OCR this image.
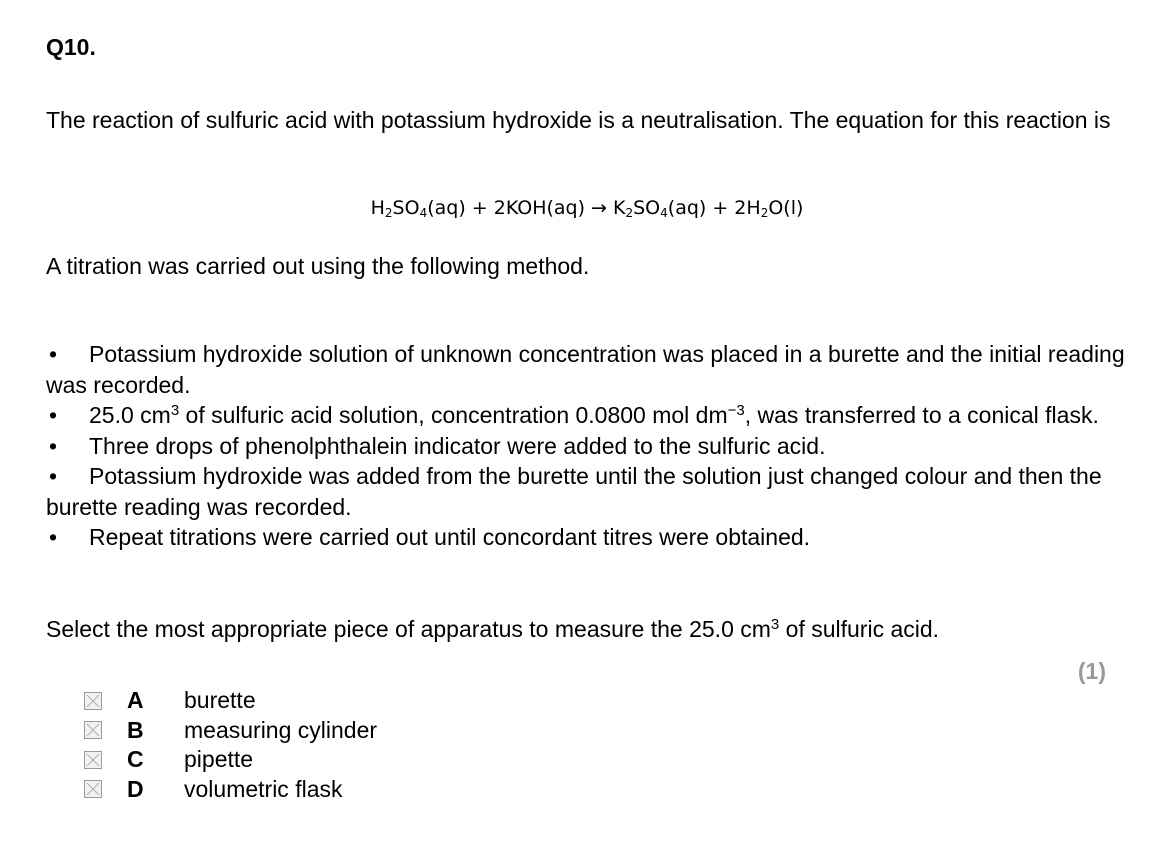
Q10.
The reaction of sulfuric acid with potassium hydroxide is a neutralisation. The equation for this reaction is
$H_2SO_4(aq) + 2KOH(aq) \to K_2SO_4(aq) + 2H_2O(l)$
A titration was carried out using the following method.
• Potassium hydroxide solution of unknown concentration was placed in a burette and the initial reading was recorded.
• 25.0 $cm^3$ of sulfuric acid solution, concentration 0.0800 mol $dm^{-3}$, was transferred to a conical flask.
• Three drops of phenolphthalein indicator were added to the sulfuric acid.
• Potassium hydroxide was added from the burette until the solution just changed colour and then the burette reading was recorded.
• Repeat titrations were carried out until concordant titres were obtained.
Select the most appropriate piece of apparatus to measure the 25.0 $cm^3$ of sulfuric acid.
(1)
A	burette
B	measuring cylinder
C	pipette
D	volumetric flask
